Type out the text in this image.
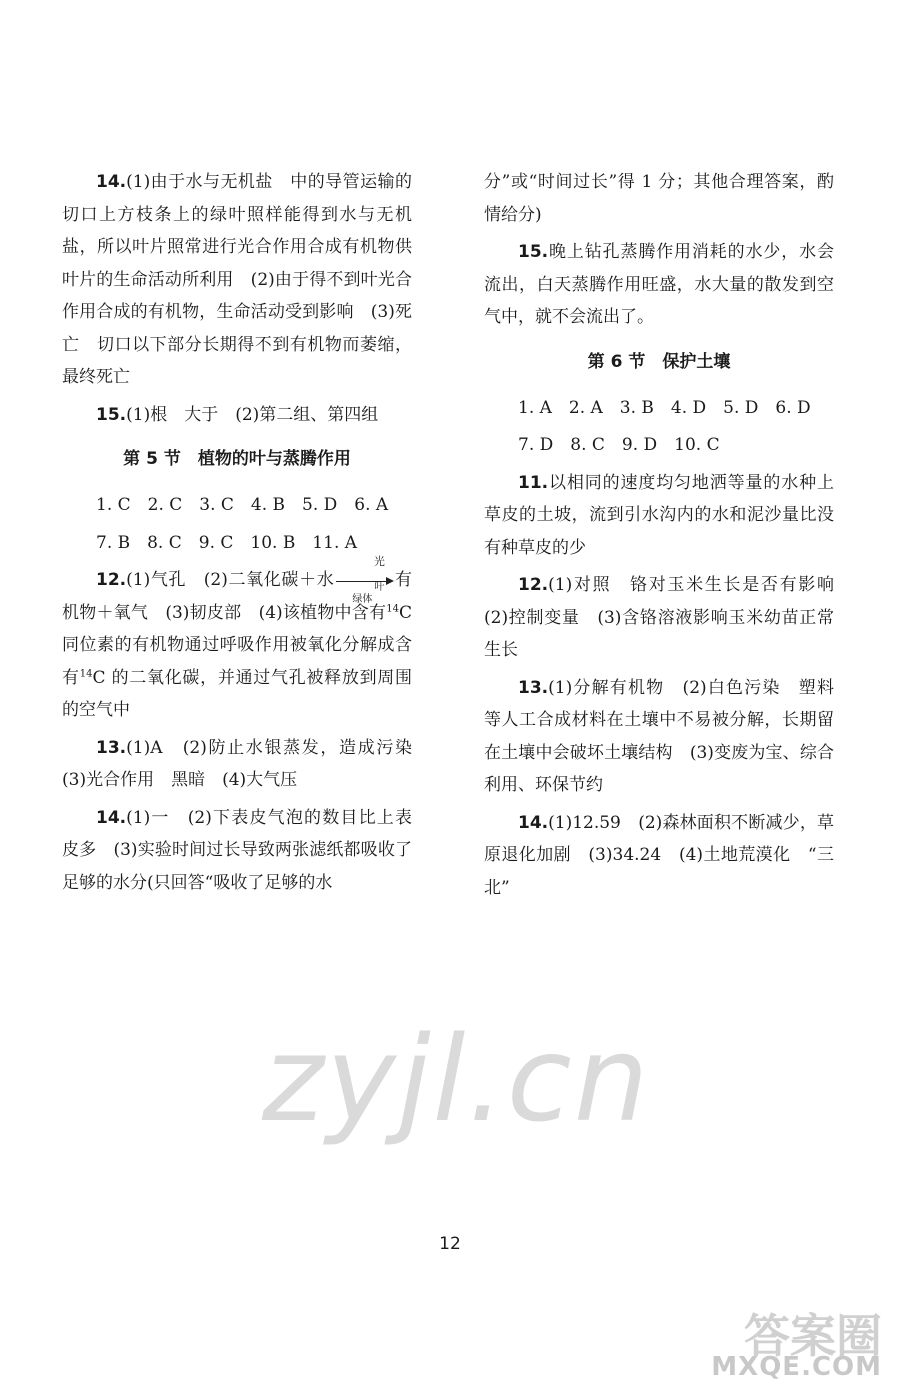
14.(1)由于水与无机盐　中的导管运输的切口上方枝条上的绿叶照样能得到水与无机盐，所以叶片照常进行光合作用合成有机物供叶片的生命活动所利用　(2)由于得不到叶光合作用合成的有机物，生命活动受到影响　(3)死亡　切口以下部分长期得不到有机物而萎缩，最终死亡

15.(1)根　大于　(2)第二组、第四组

第 5 节　植物的叶与蒸腾作用

1. C　2. C　3. C　4. B　5. D　6. A

7. B　8. C　9. C　10. B　11. A

12.(1)气孔　(2)二氧化碳＋水
光
叶绿体
有机物＋氧气　(3)韧皮部　(4)该植物中含有$^{14}$C 同位素的有机物通过呼吸作用被氧化分解成含有$^{14}$C 的二氧化碳，并通过气孔被释放到周围的空气中

13.(1)A　(2)防止水银蒸发，造成污染　(3)光合作用　黑暗　(4)大气压

14.(1)一　(2)下表皮气泡的数目比上表皮多　(3)实验时间过长导致两张滤纸都吸收了足够的水分(只回答“吸收了足够的水

分”或“时间过长”得 1 分；其他合理答案，酌情给分)

15.晚上钻孔蒸腾作用消耗的水少，水会流出，白天蒸腾作用旺盛，水大量的散发到空气中，就不会流出了。

第 6 节　保护土壤

1. A　2. A　3. B　4. D　5. D　6. D

7. D　8. C　9. D　10. C

11.以相同的速度均匀地洒等量的水种上草皮的土坡，流到引水沟内的水和泥沙量比没有种草皮的少

12.(1)对照　铬对玉米生长是否有影响　(2)控制变量　(3)含铬溶液影响玉米幼苗正常生长

13.(1)分解有机物　(2)白色污染　塑料等人工合成材料在土壤中不易被分解，长期留在土壤中会破坏土壤结构　(3)变废为宝、综合利用、环保节约

14.(1)12.59　(2)森林面积不断减少，草原退化加剧　(3)34.24　(4)土地荒漠化　“三北”

zyjl.cn
12
答案圈
MXQE.COM
